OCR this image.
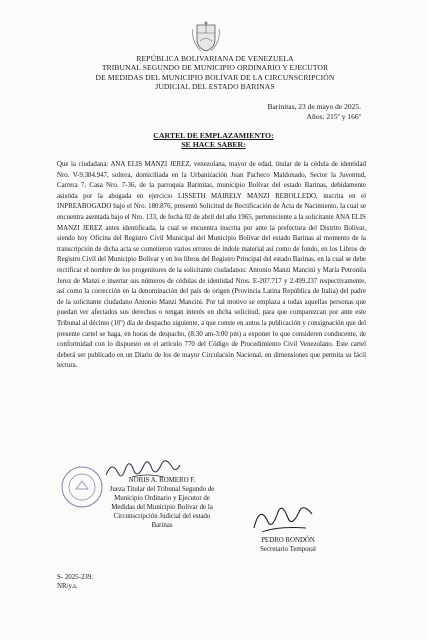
REPÚBLICA BOLIVARIANA DE VENEZUELA
TRIBUNAL SEGUNDO DE MUNICIPIO ORDINARIO Y EJECUTOR
DE MEDIDAS DEL MUNICIPIO BOLÍVAR DE LA CIRCUNSCRIPCIÓN
JUDICIAL DEL ESTADO BARINAS
Barinitas, 23 de mayo de 2025.
Años: 215º y 166º
CARTEL DE EMPLAZAMIENTO:
SE HACE SABER:

Que la ciudadana: ANA ELIS MANZI JEREZ, venezolana, mayor de edad, titular de la cédula de identidad Nro. V-9.384.947, soltera, domiciliada en la Urbanización Juan Pacheco Maldonado, Sector la Juventud, Carrera 7, Casa Nro. 7-36, de la parroquia Barinitas, municipio Bolívar del estado Barinas, debidamente asistida por la abogada en ejercicio LISSETH MAIRELY MANZI REBOLLEDO, inscrita en el INPREABOGADO bajo el Nro. 180.876, presentó Solicitud de Rectificación de Acta de Nacimiento, la cual se encuentra asentada bajo el Nro. 133, de fecha 02 de abril del año 1965, perteneciente a la solicitante ANA ELIS MANZI JEREZ antes identificada, la cual se encuentra inscrita por ante la prefectura del Distrito Bolívar, siendo hoy Oficina del Registro Civil Municipal del Municipio Bolívar del estado Barinas al momento de la transcripción de dicha acta se cometieron varios errores de índole material así como de fondo, en los Libros de Registro Civil del Municipio Bolívar y en los libros del Registro Principal del estado Barinas, en la cual se debe rectificar el nombre de los progenitores de la solicitante ciudadanos: Antonio Manzi Mancini y María Petronila Jerez de Manzi e insertar sus números de cédulas de identidad Nros. E-207.717 y 2.499.237 respectivamente, así como la corrección en la denominación del país de origen (Provincia Latina República de Italia) del padre de la solicitante ciudadano Antonio Manzi Mancini. Por tal motivo se emplaza a todas aquellas personas que puedan ver afectados sus derechos o tengan interés en dicha solicitud, para que comparezcan por ante este Tribunal al décimo (10º) día de despacho siguiente, a que conste en autos la publicación y consignación que del presente cartel se haga, en horas de despacho, (8:30 am-3:00 pm) a exponer lo que consideren conducente, de conformidad con lo dispuesto en el artículo 770 del Código de Procedimiento Civil Venezolano. Este cartel deberá ser publicado en un Diario de los de mayor Circulación Nacional, en dimensiones que permita su fácil lectura.

NORIS A. ROMERO F.
Jueza Titular del Tribunal Segundo de
Municipio Ordinario y Ejecutor de
Medidas del Municipio Bolívar de la
Circunscripción Judicial del estado
Barinas
PEDRO RONDÓN
Secretario Temporal
S- 2025-239.
NR/y.s.
